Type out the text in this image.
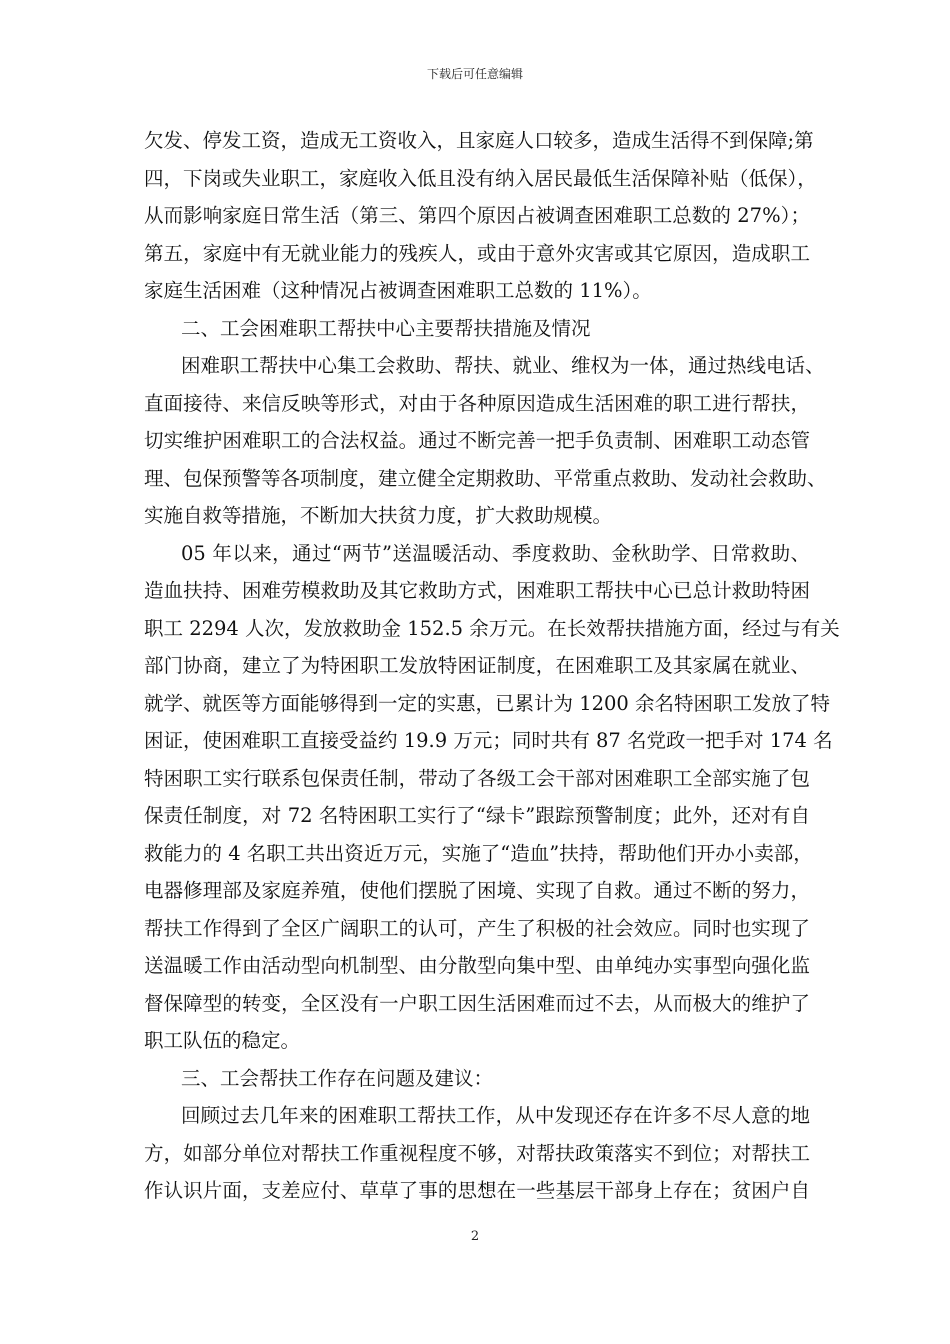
下载后可任意编辑
欠发、停发工资，造成无工资收入，且家庭人口较多，造成生活得不到保障;第
四，下岗或失业职工，家庭收入低且没有纳入居民最低生活保障补贴（低保），
从而影响家庭日常生活（第三、第四个原因占被调查困难职工总数的 27%）；
第五，家庭中有无就业能力的残疾人，或由于意外灾害或其它原因，造成职工
家庭生活困难（这种情况占被调查困难职工总数的 11%）。
二、工会困难职工帮扶中心主要帮扶措施及情况
困难职工帮扶中心集工会救助、帮扶、就业、维权为一体，通过热线电话、
直面接待、来信反映等形式，对由于各种原因造成生活困难的职工进行帮扶，
切实维护困难职工的合法权益。通过不断完善一把手负责制、困难职工动态管
理、包保预警等各项制度，建立健全定期救助、平常重点救助、发动社会救助、
实施自救等措施，不断加大扶贫力度，扩大救助规模。
05 年以来，通过“两节”送温暖活动、季度救助、金秋助学、日常救助、
造血扶持、困难劳模救助及其它救助方式，困难职工帮扶中心已总计救助特困
职工 2294 人次，发放救助金 152.5 余万元。在长效帮扶措施方面，经过与有关
部门协商，建立了为特困职工发放特困证制度，在困难职工及其家属在就业、
就学、就医等方面能够得到一定的实惠，已累计为 1200 余名特困职工发放了特
困证，使困难职工直接受益约 19.9 万元；同时共有 87 名党政一把手对 174 名
特困职工实行联系包保责任制，带动了各级工会干部对困难职工全部实施了包
保责任制度，对 72 名特困职工实行了“绿卡”跟踪预警制度；此外，还对有自
救能力的 4 名职工共出资近万元，实施了“造血”扶持，帮助他们开办小卖部，
电器修理部及家庭养殖，使他们摆脱了困境、实现了自救。通过不断的努力，
帮扶工作得到了全区广阔职工的认可，产生了积极的社会效应。同时也实现了
送温暖工作由活动型向机制型、由分散型向集中型、由单纯办实事型向强化监
督保障型的转变，全区没有一户职工因生活困难而过不去，从而极大的维护了
职工队伍的稳定。
三、工会帮扶工作存在问题及建议：
回顾过去几年来的困难职工帮扶工作，从中发现还存在许多不尽人意的地
方，如部分单位对帮扶工作重视程度不够，对帮扶政策落实不到位；对帮扶工
作认识片面，支差应付、草草了事的思想在一些基层干部身上存在；贫困户自
2
